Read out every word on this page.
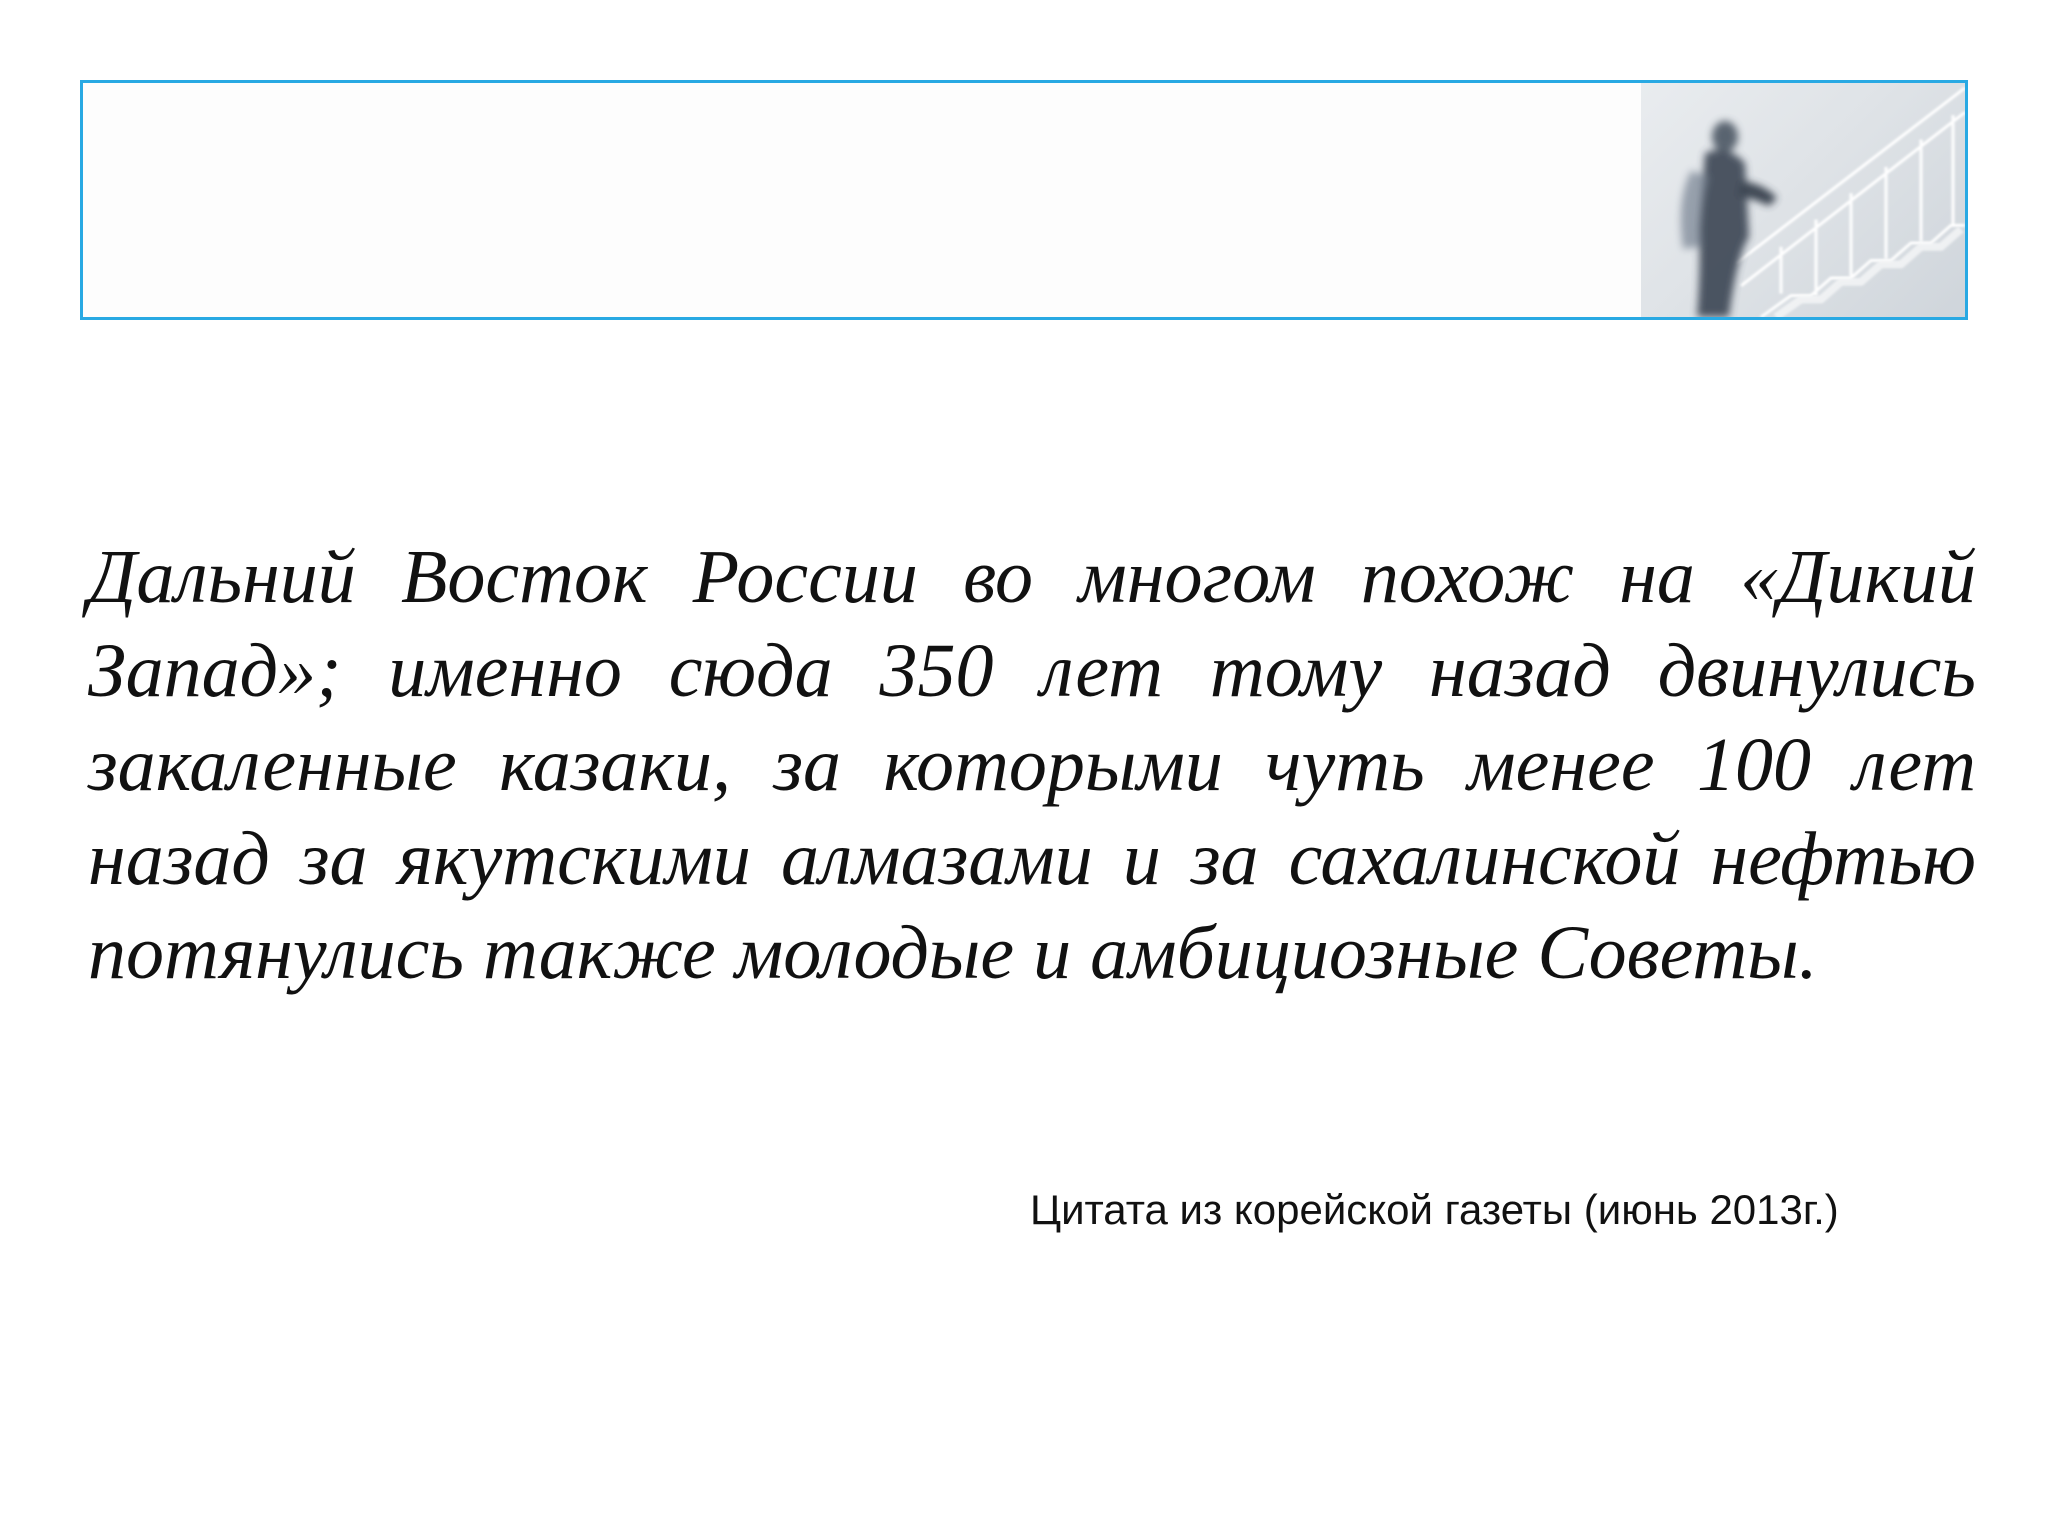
Дальний Восток России во многом похож на «Дикий Запад»; именно сюда 350 лет тому назад двинулись закаленные казаки, за которыми чуть менее 100 лет назад за якутскими алмазами и за сахалинской нефтью потянулись также молодые и амбициозные Советы.

Цитата из корейской газеты (июнь 2013г.)
